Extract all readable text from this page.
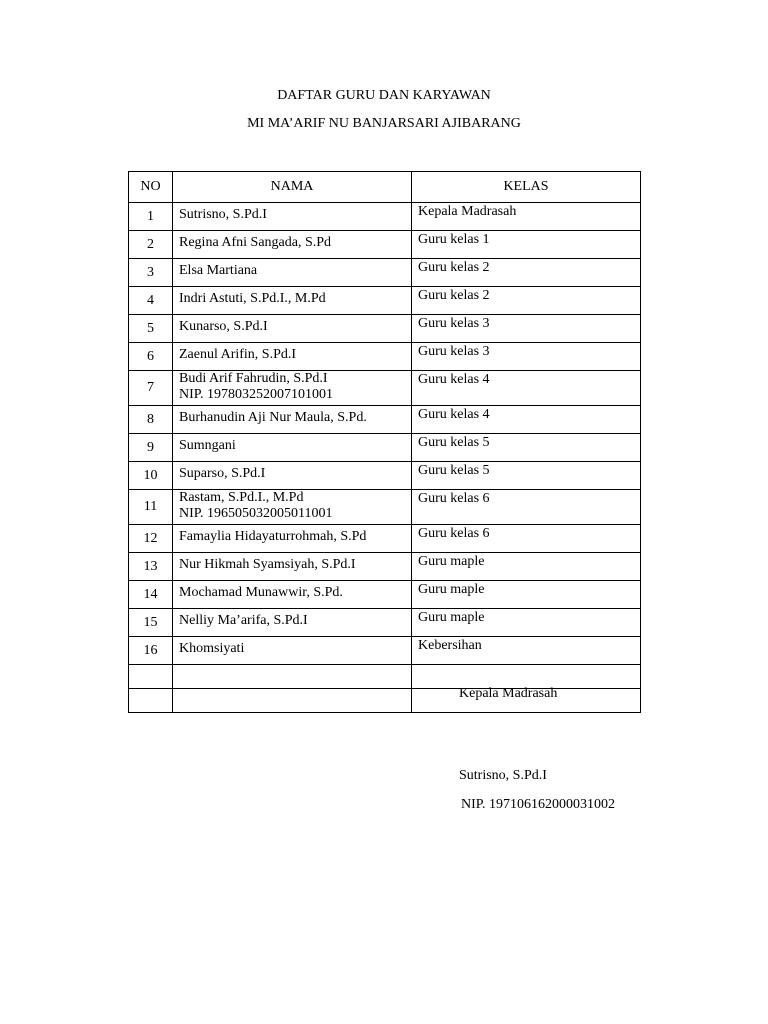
DAFTAR GURU DAN KARYAWAN
MI MA’ARIF NU BANJARSARI AJIBARANG
NO	NAMA	KELAS
1	Sutrisno, S.Pd.I	Kepala Madrasah
2	Regina Afni Sangada, S.Pd	Guru kelas 1
3	Elsa Martiana	Guru kelas 2
4	Indri Astuti, S.Pd.I., M.Pd	Guru kelas 2
5	Kunarso, S.Pd.I	Guru kelas 3
6	Zaenul Arifin, S.Pd.I	Guru kelas 3
7	Budi Arif Fahrudin, S.Pd.I
NIP. 197803252007101001	Guru kelas 4
8	Burhanudin Aji Nur Maula, S.Pd.	Guru kelas 4
9	Sumngani	Guru kelas 5
10	Suparso, S.Pd.I	Guru kelas 5
11	Rastam, S.Pd.I., M.Pd
NIP. 196505032005011001	Guru kelas 6
12	Famaylia Hidayaturrohmah, S.Pd	Guru kelas 6
13	Nur Hikmah Syamsiyah, S.Pd.I	Guru maple
14	Mochamad Munawwir, S.Pd.	Guru maple
15	Nelliy Ma’arifa, S.Pd.I	Guru maple
16	Khomsiyati	Kebersihan

Kepala Madrasah
Sutrisno, S.Pd.I
NIP. 197106162000031002
